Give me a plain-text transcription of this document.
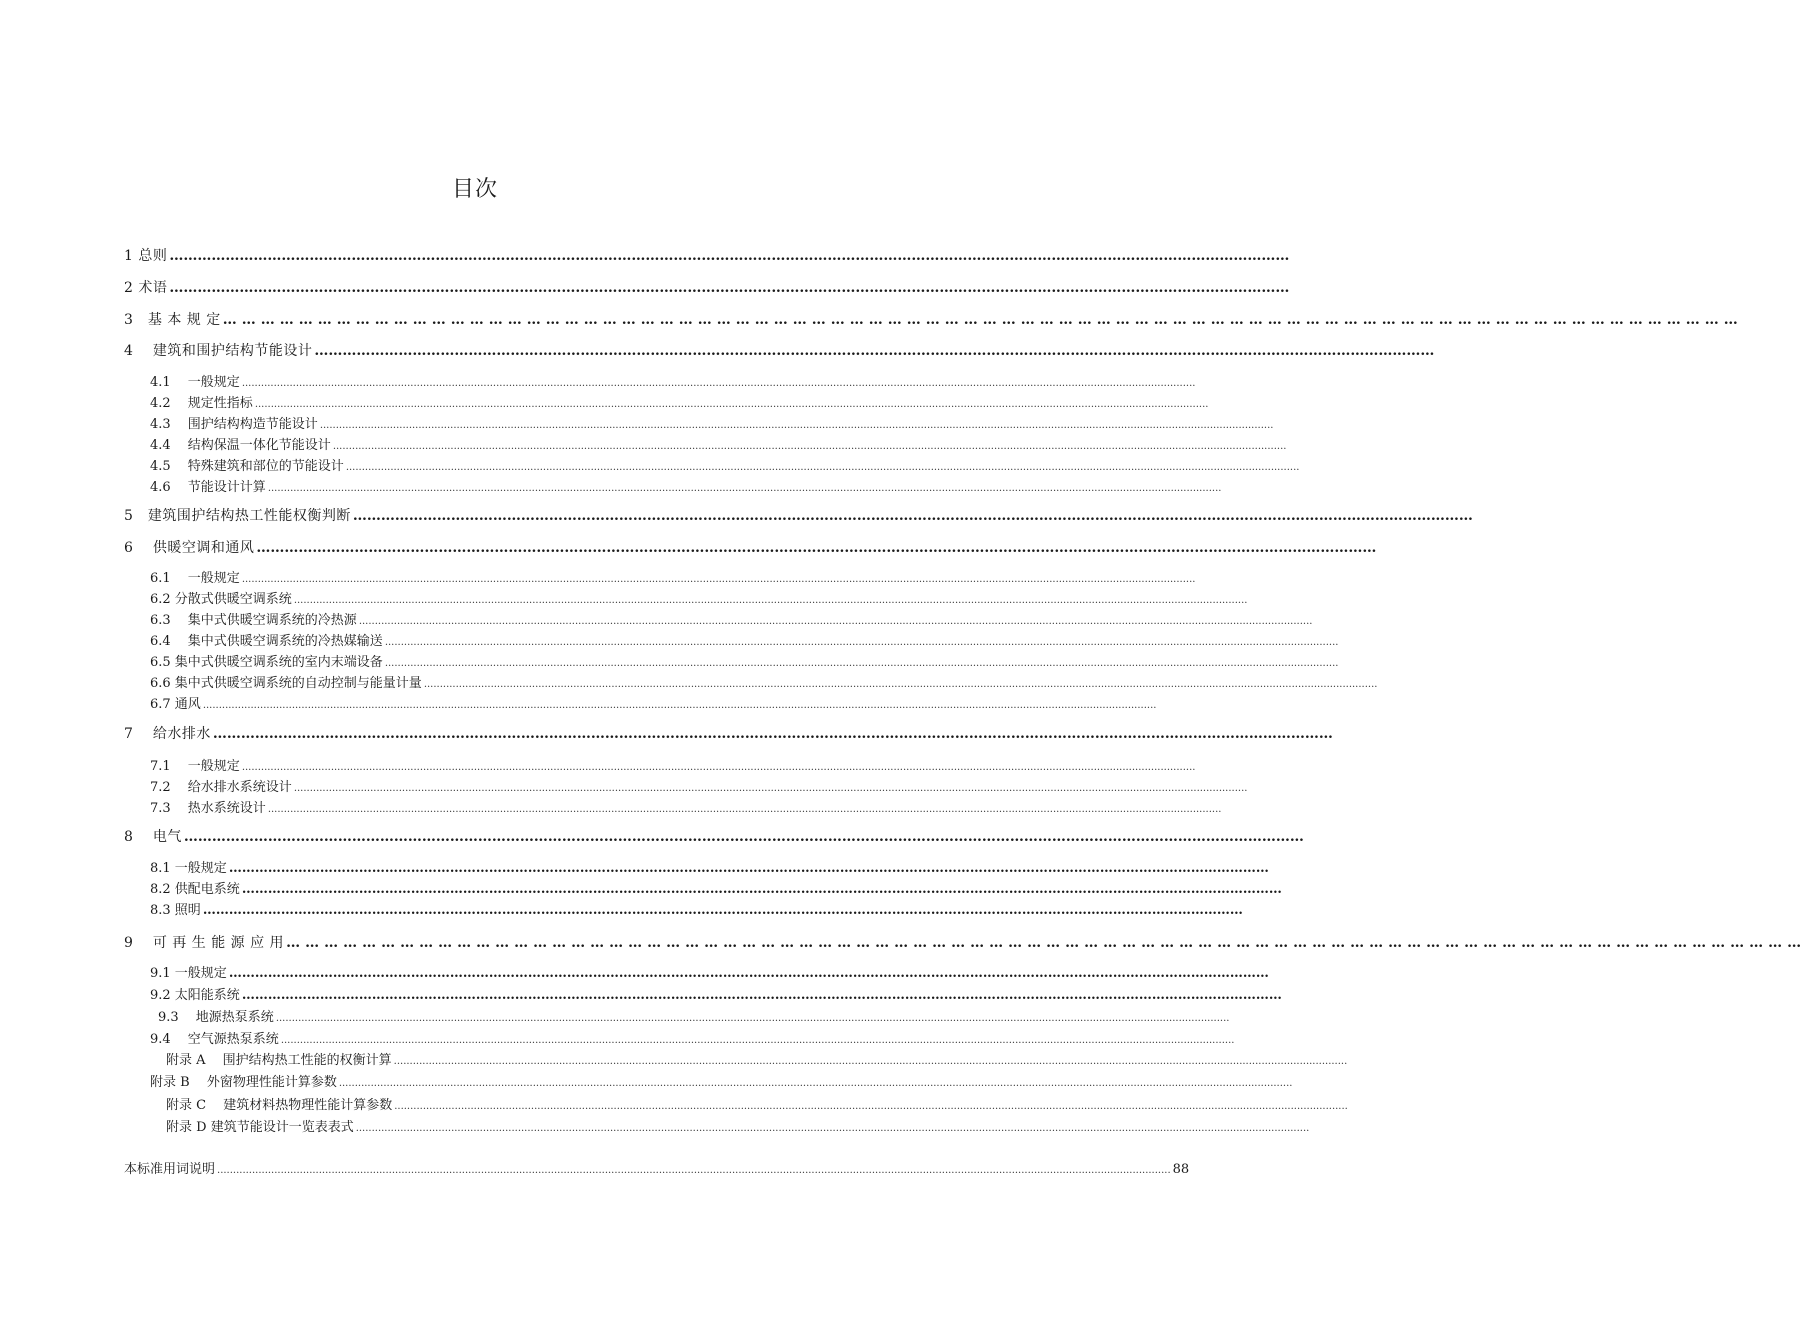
目次
1 总则 ……………………………………………………………………………………………………………………………………………………………………………………………………………………
2 术语 ……………………………………………………………………………………………………………………………………………………………………………………………………………………
3　基 本 规 定 ……………………………………………………………………………………………………………………………………………………………………………………………………………………
4　 建筑和围护结构节能设计 ……………………………………………………………………………………………………………………………………………………………………………………………………………………
4.1　 一般规定 ............................................................................................................................................................................................................................................................................................................
4.2　 规定性指标 ............................................................................................................................................................................................................................................................................................................
4.3　 围护结构构造节能设计 ............................................................................................................................................................................................................................................................................................................
4.4　 结构保温一体化节能设计 ............................................................................................................................................................................................................................................................................................................
4.5　 特殊建筑和部位的节能设计 ............................................................................................................................................................................................................................................................................................................
4.6　 节能设计计算 ............................................................................................................................................................................................................................................................................................................
5　建筑围护结构热工性能权衡判断 ……………………………………………………………………………………………………………………………………………………………………………………………………………………
6　 供暖空调和通风 ……………………………………………………………………………………………………………………………………………………………………………………………………………………
6.1　 一般规定 ............................................................................................................................................................................................................................................................................................................
6.2 分散式供暖空调系统 ............................................................................................................................................................................................................................................................................................................
6.3　 集中式供暖空调系统的冷热源 ............................................................................................................................................................................................................................................................................................................
6.4　 集中式供暖空调系统的冷热媒输送 ............................................................................................................................................................................................................................................................................................................
6.5 集中式供暖空调系统的室内末端设备 ............................................................................................................................................................................................................................................................................................................
6.6 集中式供暖空调系统的自动控制与能量计量 ............................................................................................................................................................................................................................................................................................................
6.7 通风 ............................................................................................................................................................................................................................................................................................................
7　 给水排水 ……………………………………………………………………………………………………………………………………………………………………………………………………………………
7.1　 一般规定 ............................................................................................................................................................................................................................................................................................................
7.2　 给水排水系统设计 ............................................................................................................................................................................................................................................................................................................
7.3　 热水系统设计 ............................................................................................................................................................................................................................................................................................................
8　 电气 ……………………………………………………………………………………………………………………………………………………………………………………………………………………
8.1 一般规定 ……………………………………………………………………………………………………………………………………………………………………………………………………………………
8.2 供配电系统 ……………………………………………………………………………………………………………………………………………………………………………………………………………………
8.3 照明 ……………………………………………………………………………………………………………………………………………………………………………………………………………………
9　 可 再 生 能 源 应 用 ……………………………………………………………………………………………………………………………………………………………………………………………………………………
9.1 一般规定 ……………………………………………………………………………………………………………………………………………………………………………………………………………………
9.2 太阳能系统 ……………………………………………………………………………………………………………………………………………………………………………………………………………………
9.3　 地源热泵系统 ............................................................................................................................................................................................................................................................................................................
9.4　 空气源热泵系统 ............................................................................................................................................................................................................................................................................................................
附录 A　 围护结构热工性能的权衡计算 ............................................................................................................................................................................................................................................................................................................
附录 B　 外窗物理性能计算参数 ............................................................................................................................................................................................................................................................................................................
附录 C　 建筑材料热物理性能计算参数 ............................................................................................................................................................................................................................................................................................................
附录 D 建筑节能设计一览表表式 ............................................................................................................................................................................................................................................................................................................
本标准用词说明 ............................................................................................................................................................................................................................................................................................................ 88
